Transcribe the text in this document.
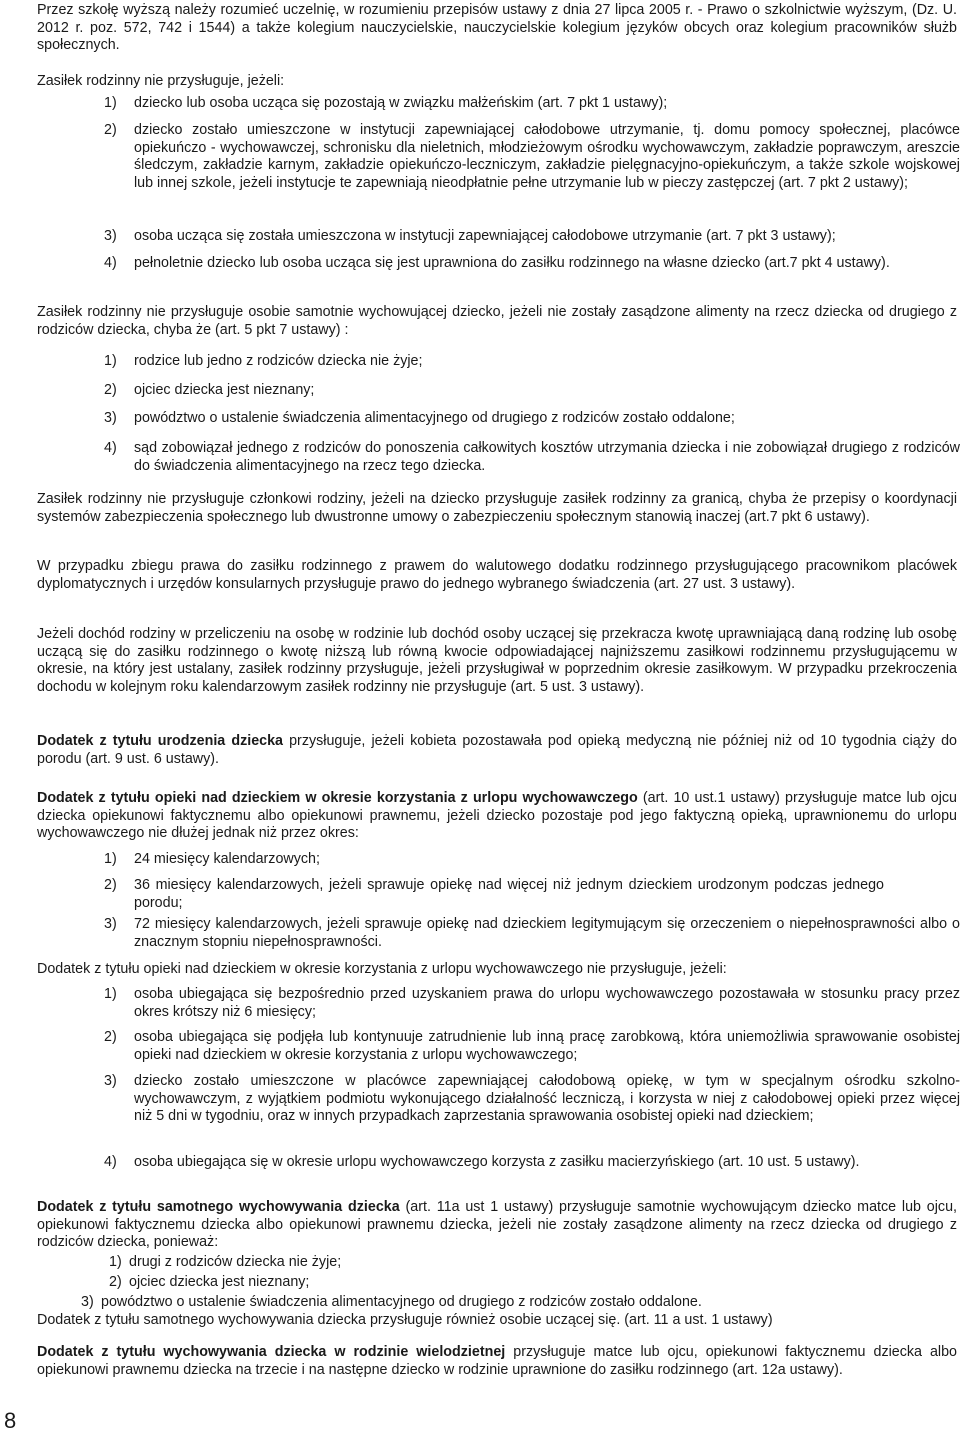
Przez szkołę wyższą należy rozumieć uczelnię, w rozumieniu przepisów ustawy z dnia 27 lipca 2005 r. - Prawo o szkolnictwie wyższym, (Dz. U. 2012 r. poz. 572, 742 i 1544) a także kolegium nauczycielskie, nauczycielskie kolegium języków obcych oraz kolegium pracowników służb społecznych.

Zasiłek rodzinny nie przysługuje, jeżeli:

1)	dziecko lub osoba ucząca się pozostają w związku małżeńskim (art. 7 pkt 1 ustawy);
2)	dziecko zostało umieszczone w instytucji zapewniającej całodobowe utrzymanie, tj. domu pomocy społecznej, placówce opiekuńczo - wychowawczej, schronisku dla nieletnich, młodzieżowym ośrodku wychowawczym, zakładzie poprawczym, areszcie śledczym, zakładzie karnym, zakładzie opiekuńczo-leczniczym, zakładzie pielęgnacyjno-opiekuńczym, a także szkole wojskowej lub innej szkole, jeżeli instytucje te zapewniają nieodpłatnie pełne utrzymanie lub w pieczy zastępczej (art. 7 pkt 2 ustawy);
3)	osoba ucząca się została umieszczona w instytucji zapewniającej całodobowe utrzymanie (art. 7 pkt 3 ustawy);
4)	pełnoletnie dziecko lub osoba ucząca się jest uprawniona do zasiłku rodzinnego na własne dziecko (art.7 pkt 4 ustawy).

Zasiłek rodzinny nie przysługuje osobie samotnie wychowującej dziecko, jeżeli nie zostały zasądzone alimenty na rzecz dziecka od drugiego z rodziców dziecka, chyba że (art. 5 pkt 7 ustawy) :

1)	rodzice lub jedno z rodziców dziecka nie żyje;
2)	ojciec dziecka jest nieznany;
3)	powództwo o ustalenie świadczenia alimentacyjnego od drugiego z rodziców zostało oddalone;
4)	sąd zobowiązał jednego z rodziców do ponoszenia całkowitych kosztów utrzymania dziecka i nie zobowiązał drugiego z rodziców do świadczenia alimentacyjnego na rzecz tego dziecka.

Zasiłek rodzinny nie przysługuje członkowi rodziny, jeżeli na dziecko przysługuje zasiłek rodzinny za granicą, chyba że przepisy o koordynacji systemów zabezpieczenia społecznego lub dwustronne umowy o zabezpieczeniu społecznym stanowią inaczej (art.7 pkt 6 ustawy).

W przypadku zbiegu prawa do zasiłku rodzinnego z prawem do walutowego dodatku rodzinnego przysługującego pracownikom placówek dyplomatycznych i urzędów konsularnych przysługuje prawo do jednego wybranego świadczenia (art. 27 ust. 3 ustawy).

Jeżeli dochód rodziny w przeliczeniu na osobę w rodzinie lub dochód osoby uczącej się przekracza kwotę uprawniającą daną rodzinę lub osobę uczącą się do zasiłku rodzinnego o kwotę niższą lub równą kwocie odpowiadającej najniższemu zasiłkowi rodzinnemu przysługującemu w okresie, na który jest ustalany, zasiłek rodzinny przysługuje, jeżeli przysługiwał w poprzednim okresie zasiłkowym. W przypadku przekroczenia dochodu w kolejnym roku kalendarzowym zasiłek rodzinny nie przysługuje (art. 5 ust. 3 ustawy).

Dodatek z tytułu urodzenia dziecka przysługuje, jeżeli kobieta pozostawała pod opieką medyczną nie później niż od 10 tygodnia ciąży do porodu (art. 9 ust. 6 ustawy).

Dodatek z tytułu opieki nad dzieckiem w okresie korzystania z urlopu wychowawczego (art. 10 ust.1 ustawy) przysługuje matce lub ojcu dziecka opiekunowi faktycznemu albo opiekunowi prawnemu, jeżeli dziecko pozostaje pod jego faktyczną opieką, uprawnionemu do urlopu wychowawczego nie dłużej jednak niż przez okres:

1)	24 miesięcy kalendarzowych;
2)	36 miesięcy kalendarzowych, jeżeli sprawuje opiekę nad więcej niż jednym dzieckiem urodzonym podczas jednego porodu;
3)	72 miesięcy kalendarzowych, jeżeli sprawuje opiekę nad dzieckiem legitymującym się orzeczeniem o niepełnosprawności albo o znacznym stopniu niepełnosprawności.

Dodatek z tytułu opieki nad dzieckiem w okresie korzystania z urlopu wychowawczego nie przysługuje, jeżeli:

1)	osoba ubiegająca się bezpośrednio przed uzyskaniem prawa do urlopu wychowawczego pozostawała w stosunku pracy przez okres krótszy niż 6 miesięcy;
2)	osoba ubiegająca się podjęła lub kontynuuje zatrudnienie lub inną pracę zarobkową, która uniemożliwia sprawowanie osobistej opieki nad dzieckiem w okresie korzystania z urlopu wychowawczego;
3)	dziecko zostało umieszczone w placówce zapewniającej całodobową opiekę, w tym w specjalnym ośrodku szkolno-wychowawczym, z wyjątkiem podmiotu wykonującego działalność leczniczą, i korzysta w niej z całodobowej opieki przez więcej niż 5 dni w tygodniu, oraz w innych przypadkach zaprzestania sprawowania osobistej opieki nad dzieckiem;
4)	osoba ubiegająca się w okresie urlopu wychowawczego korzysta z zasiłku macierzyńskiego (art. 10 ust. 5 ustawy).

Dodatek z tytułu samotnego wychowywania dziecka (art. 11a ust 1 ustawy) przysługuje samotnie wychowującym dziecko matce lub ojcu, opiekunowi faktycznemu dziecka albo opiekunowi prawnemu dziecka, jeżeli nie zostały zasądzone alimenty na rzecz dziecka od drugiego z rodziców dziecka, ponieważ:

1) drugi z rodziców dziecka nie żyje;
2) ojciec dziecka jest nieznany;
3) powództwo o ustalenie świadczenia alimentacyjnego od drugiego z rodziców zostało oddalone.

Dodatek z tytułu samotnego wychowywania dziecka przysługuje również osobie uczącej się. (art. 11 a ust. 1 ustawy)

Dodatek z tytułu wychowywania dziecka w rodzinie wielodzietnej przysługuje matce lub ojcu, opiekunowi faktycznemu dziecka albo opiekunowi prawnemu dziecka na trzecie i na następne dziecko w rodzinie uprawnione do zasiłku rodzinnego (art. 12a ustawy).

8
